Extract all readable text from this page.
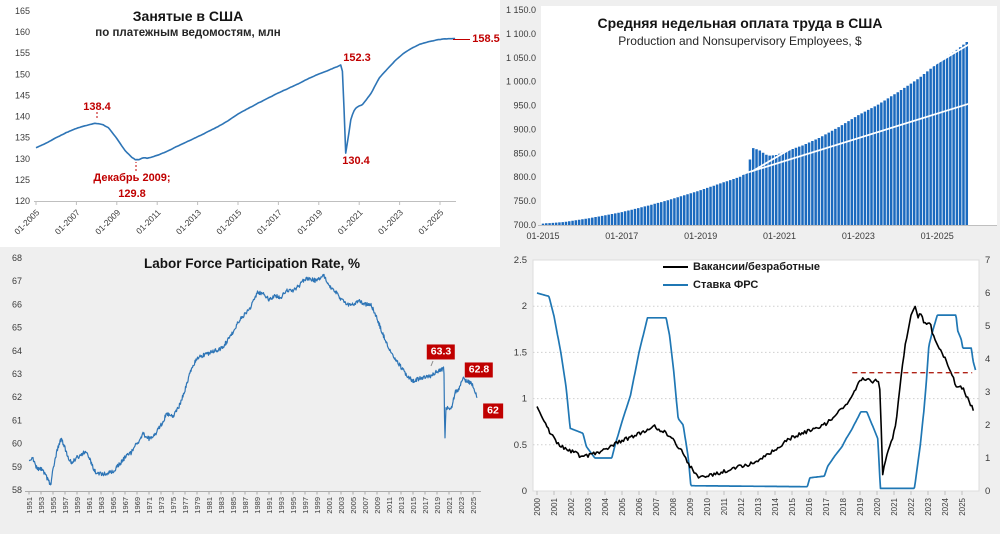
Занятые в США
по платежным ведомостям, млн
01-2005 01-2007 01-2009 01-2011 01-2013 01-2015 01-2017 01-2019 01-2021 01-2023 01-2025
165
160
155
150
145
140
135
130
125
120
138.4
Декабрь 2009;
129.8
152.3
130.4
158.5
01-2015	01-2017	01-2019	01-2021	01-2023	01-2025
1 150.0
1 100.0
1 050.0
1 000.0
950.0
900.0
850.0
800.0
750.0
700.0
Средняя недельная оплата труда в США
Production and Nonsupervisory Employees, $
Labor Force Participation Rate, %
1951 1953 1955 1957 1959 1961 1963 1965 1967 1969 1971 1973 1975 1977 1979 1981 1983 1985 1987 1989 1991 1993 1995 1997 1999 2001 2003 2005 2007 2009 2011 2013 2015 2017 2019 2021 2023 2025
68
67
66
65
64
63
62
61
60
59
58
63.3
62.8
62
2000 2001 2002 2003 2004 2005 2006 2007 2008 2009 2010 2011 2012 2013 2014 2015 2016 2017 2018 2019 2020 2021 2022 2023 2024 2025
2.5
2
1.5
1
0.5
0
7
6
5
4
3
2
1
0
Вакансии/безработные
Ставка ФРС
